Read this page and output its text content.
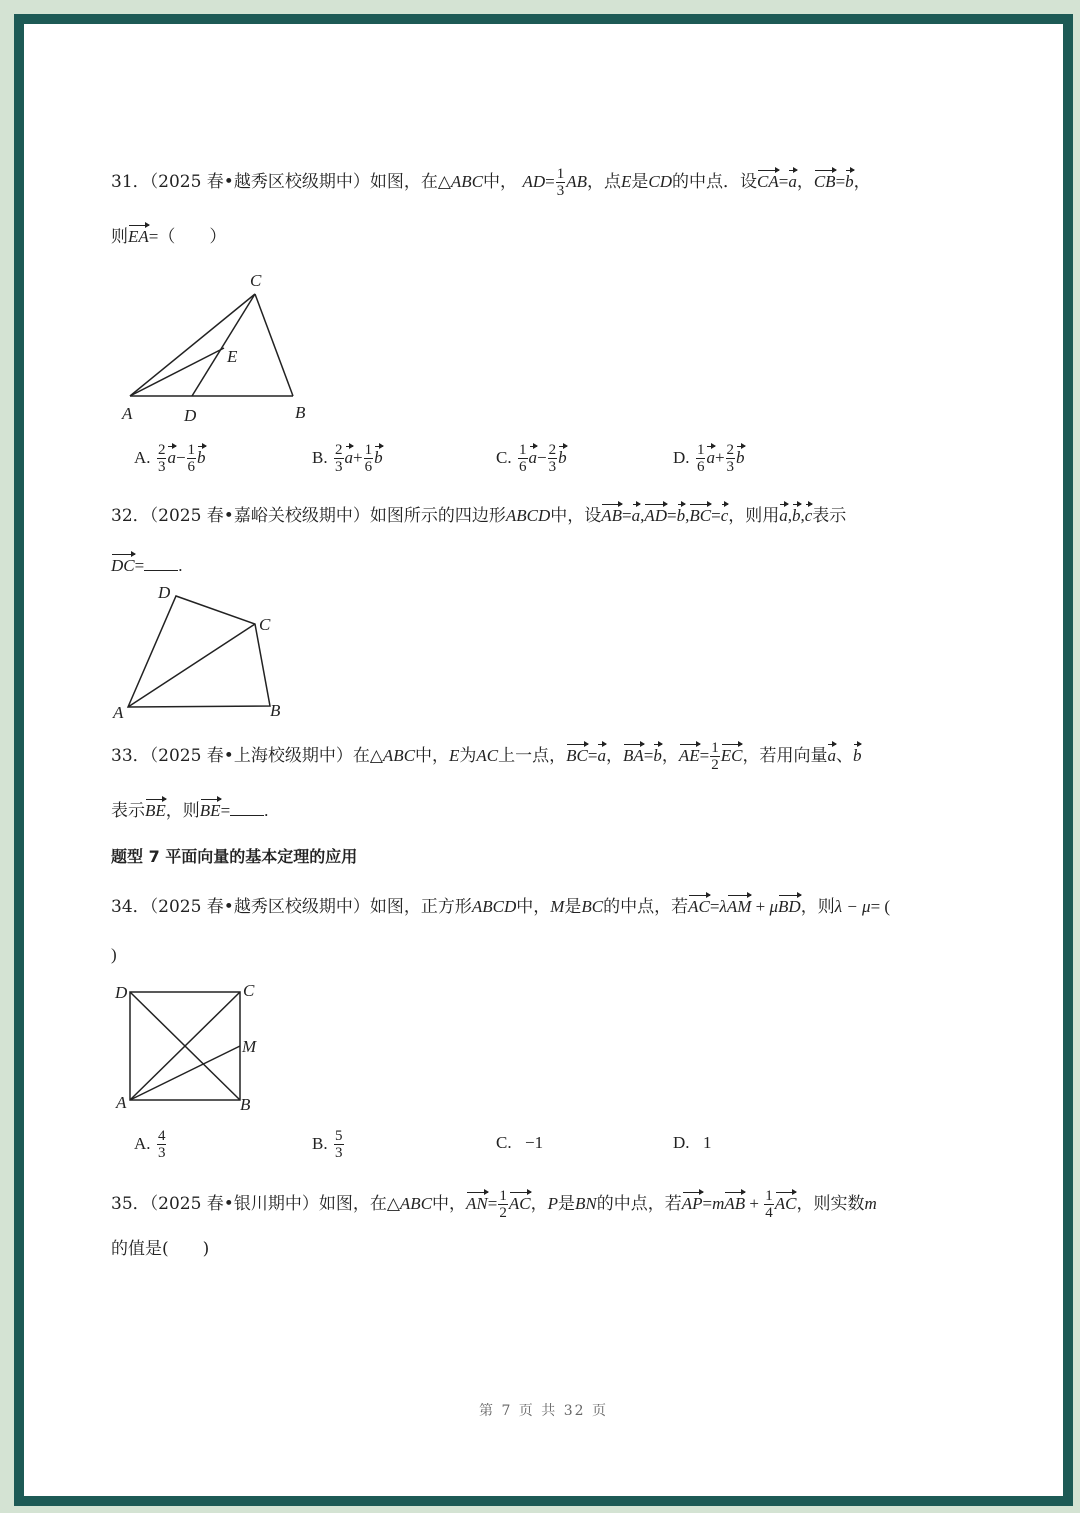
31．（2025 春•越秀区校级期中）如图，在△ABC中， $AD= \frac{1}{3}$ AB，点E是CD的中点．设CA=a，CB=b，
则EA=（　　）
C
E
A	D	B
A. $\frac{2}{3} a- \frac{1}{6}$ b	B. $\frac{2}{3} a+ \frac{1}{6}$ b	C. $\frac{1}{6} a- \frac{2}{3}$ b	D. $\frac{1}{6} a+ \frac{2}{3}$ b
32．（2025 春•嘉峪关校级期中）如图所示的四边形ABCD中，设AB=a,AD=b,BC=c，则用a,b,c表示
DC= .
D
C
A	B
33．（2025 春•上海校级期中）在△ABC中，E为AC上一点，BC=a，BA=b，$AE= \frac{1}{2}$ EC，若用向量a、b
表示BE，则BE= .
题型 7 平面向量的基本定理的应用
34．（2025 春•越秀区校级期中）如图，正方形ABCD中，M是BC的中点，若AC=λAM + μBD，则λ − μ= (
)
D	C
M
A	B
A. $\frac{4}{3}$	B. $\frac{5}{3}$	C. −1	D. 1
35．（2025 春•银川期中）如图，在△ABC中，$AN= \frac{1}{2}$ AC，P是BN的中点，若$AP=mAB + \frac{1}{4}$ AC，则实数m
的值是(　　)
第 7 页 共 32 页
